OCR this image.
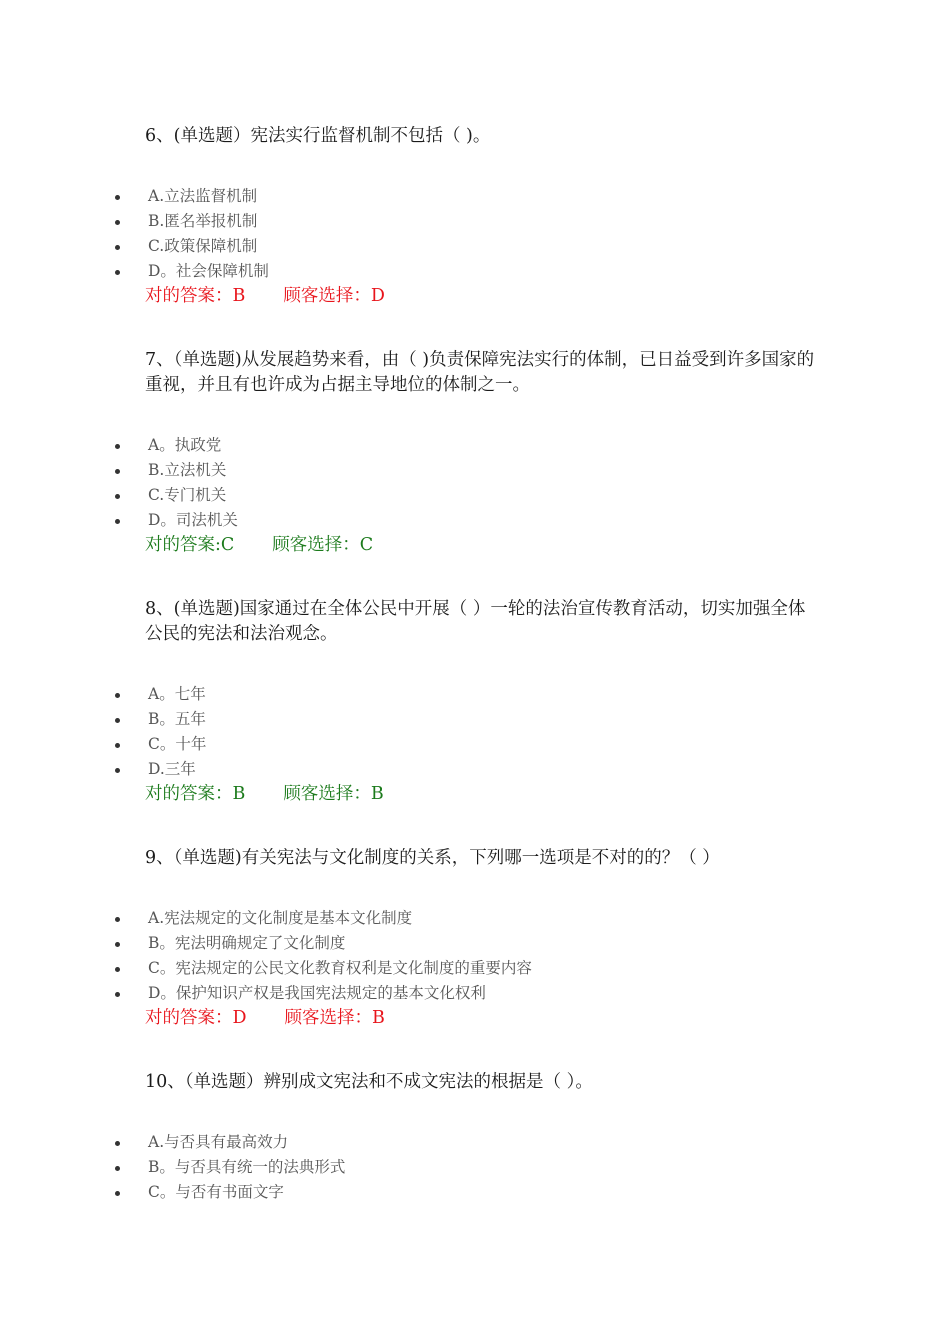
6、(单选题）宪法实行监督机制不包括（ )。

A.立法监督机制
B.匿名举报机制
C.政策保障机制
D。社会保障机制
对的答案：B 顾客选择：D

7、（单选题)从发展趋势来看，由（ )负责保障宪法实行的体制，已日益受到许多国家的重视，并且有也许成为占据主导地位的体制之一。

A。执政党
B.立法机关
C.专门机关
D。司法机关
对的答案:C 顾客选择：C

8、(单选题)国家通过在全体公民中开展（ ）一轮的法治宣传教育活动，切实加强全体公民的宪法和法治观念。

A。七年
B。五年
C。十年
D.三年
对的答案：B 顾客选择：B

9、（单选题)有关宪法与文化制度的关系，下列哪一选项是不对的的？（ ）

A.宪法规定的文化制度是基本文化制度
B。宪法明确规定了文化制度
C。宪法规定的公民文化教育权利是文化制度的重要内容
D。保护知识产权是我国宪法规定的基本文化权利
对的答案：D 顾客选择：B

10、（单选题）辨别成文宪法和不成文宪法的根据是（ ）。

A.与否具有最高效力
B。与否具有统一的法典形式
C。与否有书面文字
